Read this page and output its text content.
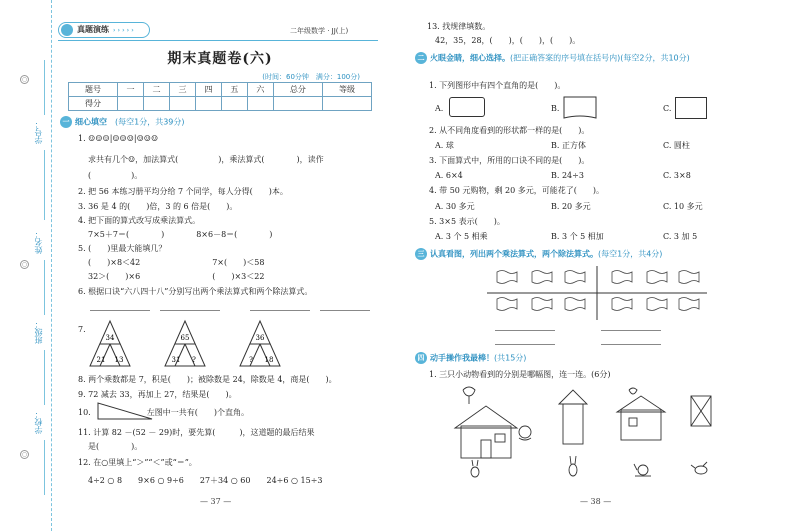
学号：
姓名：
班级：
学校：
○
○
○
真题演练 › › › › ›	二年级数学 · JJ(上)
期末真题卷(六)
(时间：60分钟　满分：100分)
题号	一	二	三	四	五	六	总分	等级
得分								
一 细心填空　 (每空1分，共39分)
1. ☺☺☺|☺☺☺|☺☺☺
求共有几个☺，加法算式(　　　　　)，乘法算式(　　　　)，读作
(　　　　　)。
2. 把 56 本练习册平均分给 7 个同学，每人分得(　　)本。
3. 36 是 4 的(　　)倍，3 的 6 倍是(　　)。
4. 把下面的算式改写成乘法算式。
7×5＋7＝(　　　　)　　　　8×6－8＝(　　　　)
5. (　　)里最大能填几？
(　　)×8＜42　　　　　　　　　7×(　　)＜58
32＞(　　)×6　　　　　　　　　(　　)×3＜22
6. 根据口诀“六八四十八”分别写出两个乘法算式和两个除法算式。
7.
34
21 13
65
31 ?
36
? 18
8. 两个乘数都是 7，积是(　　)；被除数是 24，除数是 4，商是(　　)。
9. 72 减去 33，再加上 27，结果是(　　)。
10.　　　　　　　左图中一共有(　　)个直角。
11. 计算 82 －(52 － 29)时，要先算(　　　)，这道题的最后结果
是(　　　　)。
12. 在○里填上“＞”“＜”或“＝”。
4÷2 ○ 8　　9×6 ○ 9÷6　　27＋34 ○ 60　　24÷6 ○ 15÷3
— 37 —
13. 找规律填数。
42，35，28，(　　)，(　　)，(　　)。
二 火眼金睛，细心选择。(把正确答案的序号填在括号内)(每空2分，共10分)
1. 下列图形中有四个直角的是(　　)。
A.	B.	C.
2. 从不同角度看到的形状都一样的是(　　)。
A. 球	B. 正方体	C. 圆柱
3. 下面算式中，所用的口诀不同的是(　　)。
A. 6×4	B. 24÷3	C. 3×8
4. 带 50 元购物，剩 20 多元，可能花了(　　)。
A. 30 多元	B. 20 多元	C. 10 多元
5. 3×5 表示(　　)。
A. 3 个 5 相乘	B. 3 个 5 相加	C. 3 加 5
三 认真看图，列出两个乘法算式，两个除法算式。(每空1分，共4分)
四 动手操作我最棒！(共15分)
1. 三只小动物看到的分别是哪幅图，连一连。(6分)
— 38 —
